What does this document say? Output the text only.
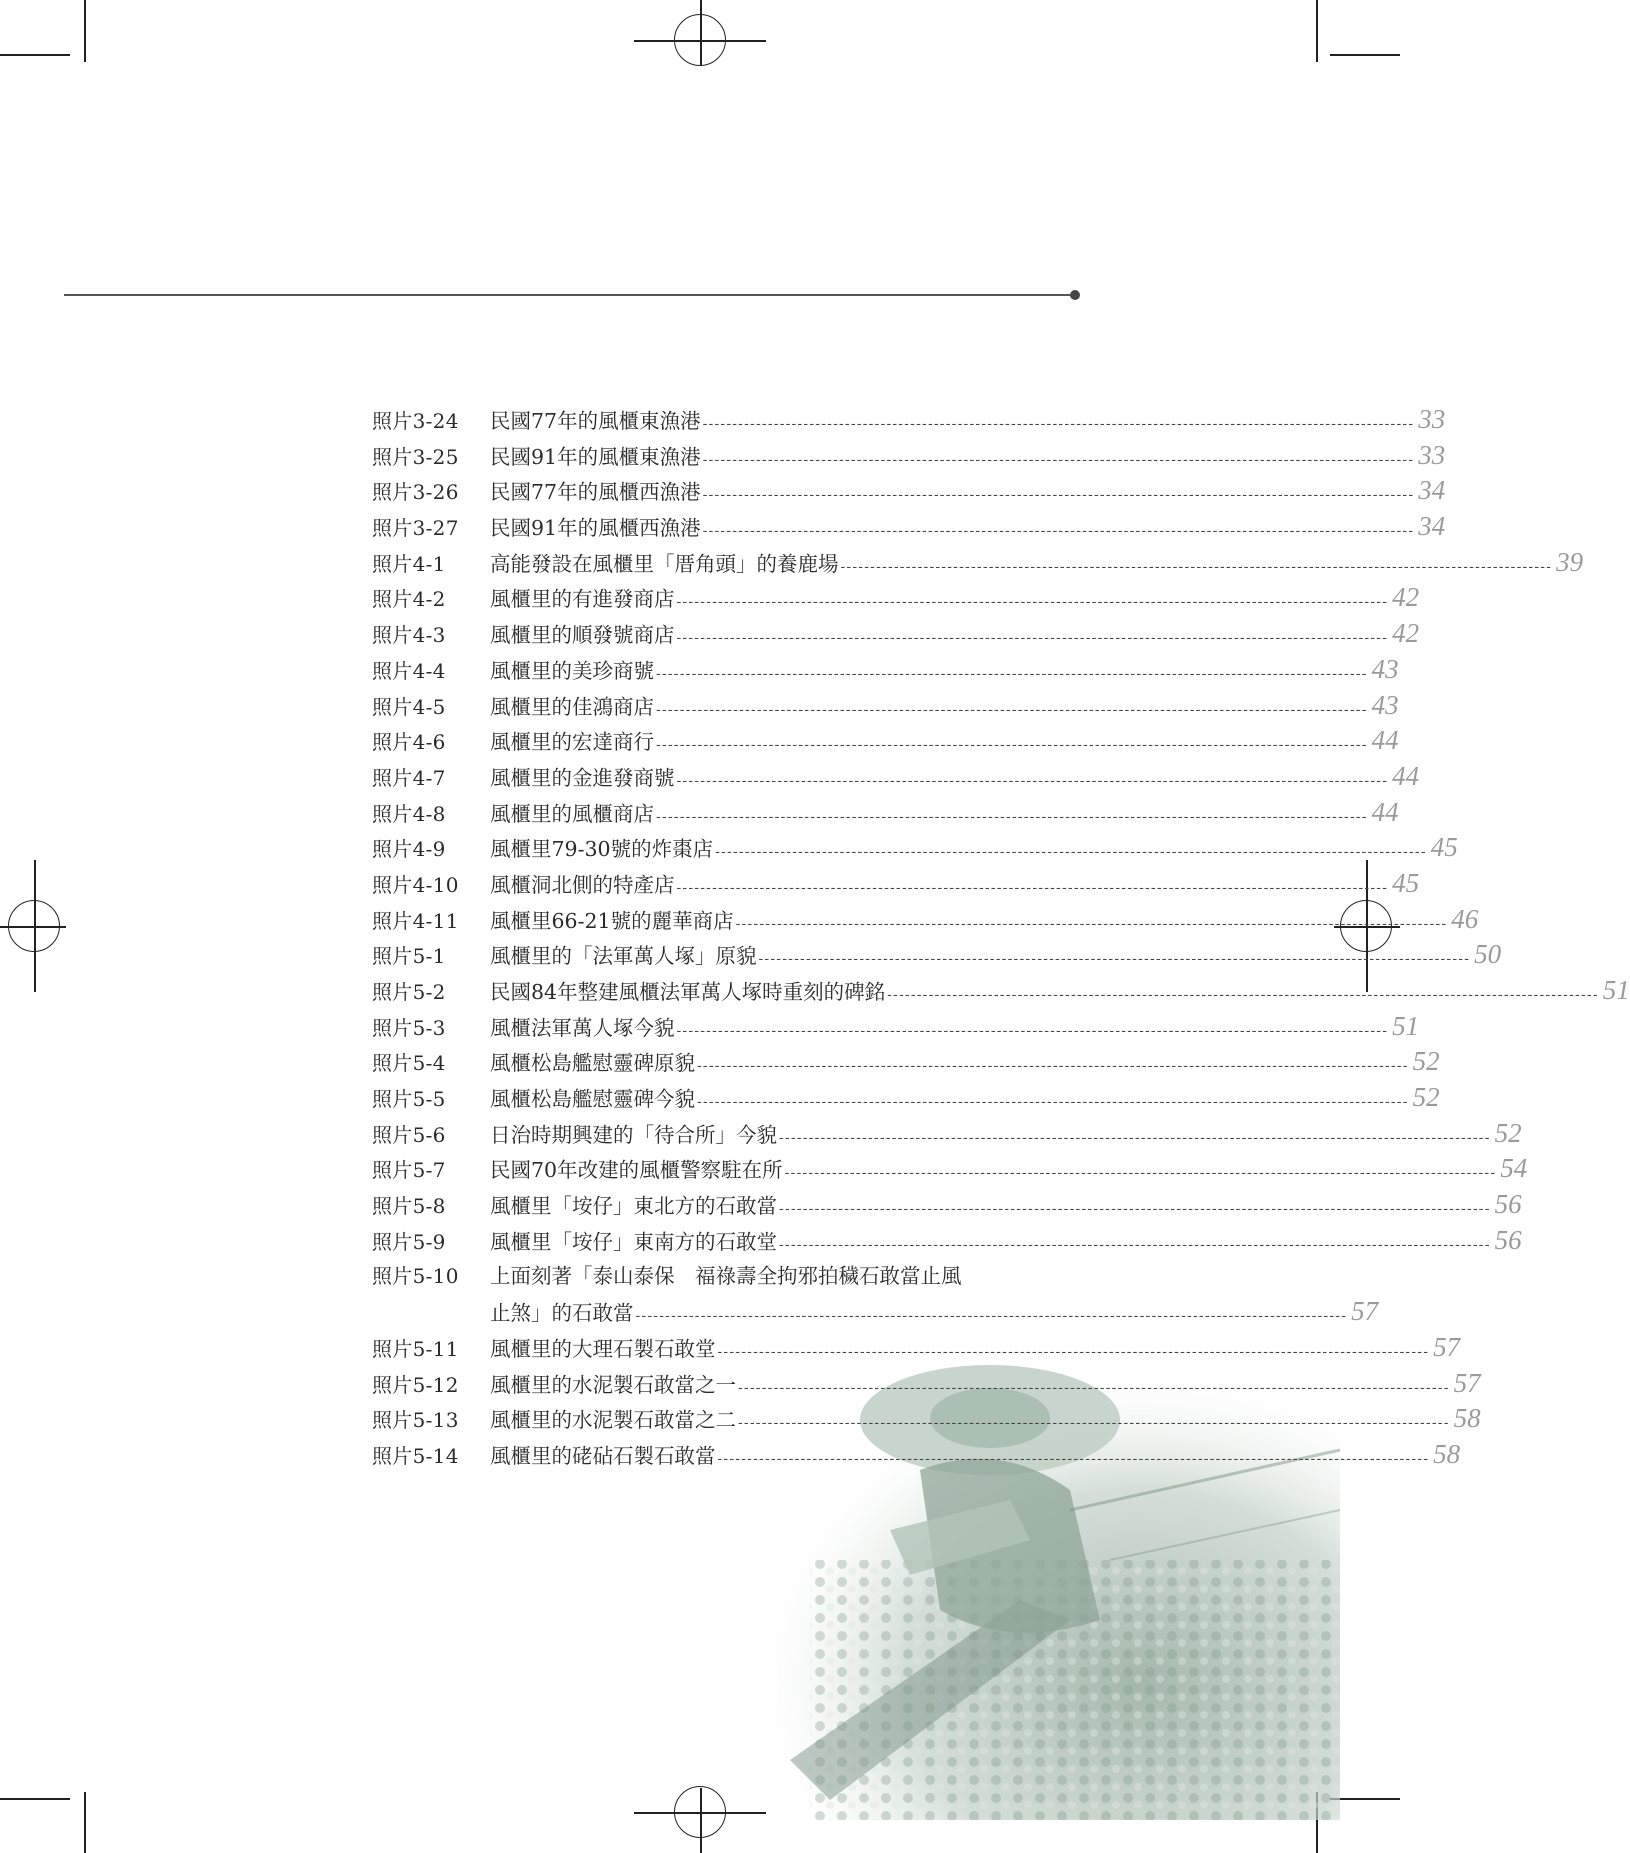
照片3-24	民國77年的風櫃東漁港 ------------------------------------------------------------------------------------------------------------------------ 33
照片3-25	民國91年的風櫃東漁港 ------------------------------------------------------------------------------------------------------------------------ 33
照片3-26	民國77年的風櫃西漁港 ------------------------------------------------------------------------------------------------------------------------ 34
照片3-27	民國91年的風櫃西漁港 ------------------------------------------------------------------------------------------------------------------------ 34
照片4-1	高能發設在風櫃里「厝角頭」的養鹿場 ------------------------------------------------------------------------------------------------------------------------ 39
照片4-2	風櫃里的有進發商店 ------------------------------------------------------------------------------------------------------------------------ 42
照片4-3	風櫃里的順發號商店 ------------------------------------------------------------------------------------------------------------------------ 42
照片4-4	風櫃里的美珍商號 ------------------------------------------------------------------------------------------------------------------------ 43
照片4-5	風櫃里的佳鴻商店 ------------------------------------------------------------------------------------------------------------------------ 43
照片4-6	風櫃里的宏達商行 ------------------------------------------------------------------------------------------------------------------------ 44
照片4-7	風櫃里的金進發商號 ------------------------------------------------------------------------------------------------------------------------ 44
照片4-8	風櫃里的風櫃商店 ------------------------------------------------------------------------------------------------------------------------ 44
照片4-9	風櫃里79-30號的炸棗店 ------------------------------------------------------------------------------------------------------------------------ 45
照片4-10	風櫃洞北側的特產店 ------------------------------------------------------------------------------------------------------------------------ 45
照片4-11	風櫃里66-21號的麗華商店 ------------------------------------------------------------------------------------------------------------------------ 46
照片5-1	風櫃里的「法軍萬人塚」原貌 ------------------------------------------------------------------------------------------------------------------------ 50
照片5-2	民國84年整建風櫃法軍萬人塚時重刻的碑銘 ------------------------------------------------------------------------------------------------------------------------ 51
照片5-3	風櫃法軍萬人塚今貌 ------------------------------------------------------------------------------------------------------------------------ 51
照片5-4	風櫃松島艦慰靈碑原貌 ------------------------------------------------------------------------------------------------------------------------ 52
照片5-5	風櫃松島艦慰靈碑今貌 ------------------------------------------------------------------------------------------------------------------------ 52
照片5-6	日治時期興建的「待合所」今貌 ------------------------------------------------------------------------------------------------------------------------ 52
照片5-7	民國70年改建的風櫃警察駐在所 ------------------------------------------------------------------------------------------------------------------------ 54
照片5-8	風櫃里「垵仔」東北方的石敢當 ------------------------------------------------------------------------------------------------------------------------ 56
照片5-9	風櫃里「垵仔」東南方的石敢堂 ------------------------------------------------------------------------------------------------------------------------ 56
照片5-10	上面刻著「泰山泰保　福祿壽全拘邪拍穢石敢當止風
止煞」的石敢當 ------------------------------------------------------------------------------------------------------------------------ 57
照片5-11	風櫃里的大理石製石敢堂 ------------------------------------------------------------------------------------------------------------------------ 57
照片5-12	風櫃里的水泥製石敢當之一 ------------------------------------------------------------------------------------------------------------------------ 57
照片5-13	風櫃里的水泥製石敢當之二 ------------------------------------------------------------------------------------------------------------------------ 58
照片5-14	風櫃里的硓砧石製石敢當 ------------------------------------------------------------------------------------------------------------------------ 58
